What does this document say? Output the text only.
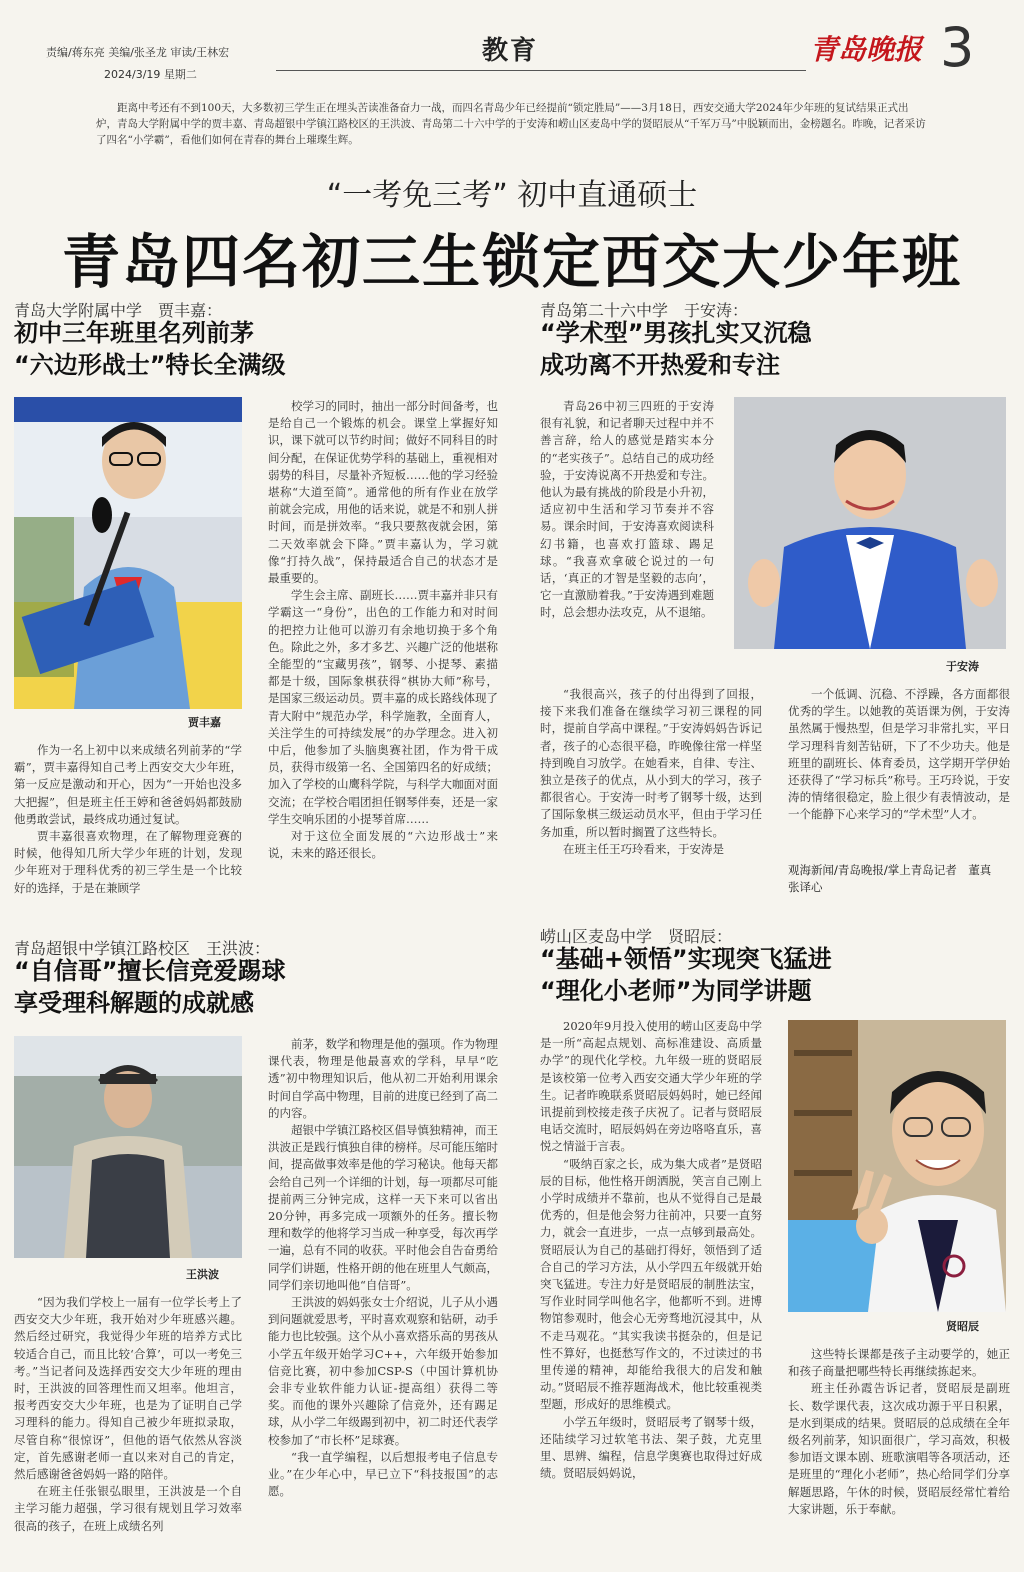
责编/蒋东亮 美编/张圣龙 审读/王林宏
2024/3/19 星期二
教育	青岛晚报 3
距离中考还有不到100天，大多数初三学生正在埋头苦读准备奋力一战，而四名青岛少年已经提前“锁定胜局”——3月18日，西安交通大学2024年少年班的复试结果正式出炉，青岛大学附属中学的贾丰嘉、青岛超银中学镇江路校区的王洪波、青岛第二十六中学的于安涛和崂山区麦岛中学的贤昭辰从“千军万马”中脱颖而出，金榜题名。昨晚，记者采访了四名“小学霸”，看他们如何在青春的舞台上璀璨生辉。
“一考免三考” 初中直通硕士
青岛四名初三生锁定西交大少年班
青岛大学附属中学　贾丰嘉：
初中三年班里名列前茅
“六边形战士”特长全满级
贾丰嘉

作为一名上初中以来成绩名列前茅的“学霸”，贾丰嘉得知自己考上西安交大少年班，第一反应是激动和开心，因为“一开始也没多大把握”，但是班主任王婷和爸爸妈妈都鼓励他勇敢尝试，最终成功通过复试。

贾丰嘉很喜欢物理，在了解物理竞赛的时候，他得知几所大学少年班的计划，发现少年班对于理科优秀的初三学生是一个比较好的选择，于是在兼顾学

校学习的同时，抽出一部分时间备考，也是给自己一个锻炼的机会。课堂上掌握好知识，课下就可以节约时间；做好不同科目的时间分配，在保证优势学科的基础上，重视相对弱势的科目，尽量补齐短板……他的学习经验堪称“大道至简”。通常他的所有作业在放学前就会完成，用他的话来说，就是不和别人拼时间，而是拼效率。“我只要熬夜就会困，第二天效率就会下降。”贾丰嘉认为，学习就像“打持久战”，保持最适合自己的状态才是最重要的。

学生会主席、副班长……贾丰嘉并非只有学霸这一“身份”，出色的工作能力和对时间的把控力让他可以游刃有余地切换于多个角色。除此之外，多才多艺、兴趣广泛的他堪称全能型的“宝藏男孩”，钢琴、小提琴、素描都是十级，国际象棋获得“棋协大师”称号，是国家三级运动员。贾丰嘉的成长路线体现了青大附中“规范办学，科学施教，全面育人，关注学生的可持续发展”的办学理念。进入初中后，他参加了头脑奥赛社团，作为骨干成员，获得市级第一名、全国第四名的好成绩；加入了学校的山鹰科学院，与科学大咖面对面交流；在学校合唱团担任钢琴伴奏，还是一家学生交响乐团的小提琴首席……

对于这位全面发展的“六边形战士”来说，未来的路还很长。

青岛第二十六中学　于安涛：
“学术型”男孩扎实又沉稳
成功离不开热爱和专注

青岛26中初三四班的于安涛很有礼貌，和记者聊天过程中并不善言辞，给人的感觉是踏实本分的“老实孩子”。总结自己的成功经验，于安涛说离不开热爱和专注。他认为最有挑战的阶段是小升初，适应初中生活和学习节奏并不容易。课余时间，于安涛喜欢阅读科幻书籍，也喜欢打篮球、踢足球。“我喜欢拿破仑说过的一句话，‘真正的才智是坚毅的志向’，它一直激励着我。”于安涛遇到难题时，总会想办法攻克，从不退缩。

于安涛

“我很高兴，孩子的付出得到了回报，接下来我们准备在继续学习初三课程的同时，提前自学高中课程。”于安涛妈妈告诉记者，孩子的心态很平稳，昨晚像往常一样坚持到晚自习放学。在她看来，自律、专注、独立是孩子的优点，从小到大的学习，孩子都很省心。于安涛一时考了钢琴十级，达到了国际象棋三级运动员水平，但由于学习任务加重，所以暂时搁置了这些特长。

在班主任王巧玲看来，于安涛是

一个低调、沉稳、不浮躁，各方面都很优秀的学生。以她教的英语课为例，于安涛虽然属于慢热型，但是学习非常扎实，平日学习理科肯刻苦钻研，下了不少功夫。他是班里的副班长、体育委员，这学期开学伊始还获得了“学习标兵”称号。王巧玲说，于安涛的情绪很稳定，脸上很少有表情波动，是一个能静下心来学习的“学术型”人才。

观海新闻/青岛晚报/掌上青岛记者　董真　张译心
青岛超银中学镇江路校区　王洪波：
“自信哥”擅长信竞爱踢球
享受理科解题的成就感
王洪波

“因为我们学校上一届有一位学长考上了西安交大少年班，我开始对少年班感兴趣。然后经过研究，我觉得少年班的培养方式比较适合自己，而且比较‘合算’，可以一考免三考。”当记者问及选择西安交大少年班的理由时，王洪波的回答理性而又坦率。他坦言，报考西安交大少年班，也是为了证明自己学习理科的能力。得知自己被少年班拟录取，尽管自称“很惊讶”，但他的语气依然从容淡定，首先感谢老师一直以来对自己的肯定，然后感谢爸爸妈妈一路的陪伴。

在班主任张银弘眼里，王洪波是一个自主学习能力超强，学习很有规划且学习效率很高的孩子，在班上成绩名列

前茅，数学和物理是他的强项。作为物理课代表，物理是他最喜欢的学科，早早“吃透”初中物理知识后，他从初二开始利用课余时间自学高中物理，目前的进度已经到了高二的内容。

超银中学镇江路校区倡导慎独精神，而王洪波正是践行慎独自律的榜样。尽可能压缩时间，提高做事效率是他的学习秘诀。他每天都会给自己列一个详细的计划，每一项都尽可能提前两三分钟完成，这样一天下来可以省出20分钟，再多完成一项额外的任务。擅长物理和数学的他将学习当成一种享受，每次再学一遍，总有不同的收获。平时他会自告奋勇给同学们讲题，性格开朗的他在班里人气颇高，同学们亲切地叫他“自信哥”。

王洪波的妈妈张女士介绍说，儿子从小遇到问题就爱思考，平时喜欢观察和钻研，动手能力也比较强。这个从小喜欢搭乐高的男孩从小学五年级开始学习C++，六年级开始参加信竞比赛，初中参加CSP-S（中国计算机协会非专业软件能力认证-提高组）获得二等奖。而他的课外兴趣除了信竞外，还有踢足球，从小学二年级踢到初中，初二时还代表学校参加了“市长杯”足球赛。

“我一直学编程，以后想报考电子信息专业。”在少年心中，早已立下“科技报国”的志愿。

崂山区麦岛中学　贤昭辰：
“基础+领悟”实现突飞猛进
“理化小老师”为同学讲题

2020年9月投入使用的崂山区麦岛中学是一所“高起点规划、高标准建设、高质量办学”的现代化学校。九年级一班的贤昭辰是该校第一位考入西安交通大学少年班的学生。记者昨晚联系贤昭辰妈妈时，她已经闻讯提前到校接走孩子庆祝了。记者与贤昭辰电话交流时，昭辰妈妈在旁边咯咯直乐，喜悦之情溢于言表。

“吸纳百家之长，成为集大成者”是贤昭辰的目标，他性格开朗洒脱，笑言自己刚上小学时成绩并不靠前，也从不觉得自己是最优秀的，但是他会努力往前冲，只要一直努力，就会一直进步，一点一点够到最高处。贤昭辰认为自己的基础打得好，领悟到了适合自己的学习方法，从小学四五年级就开始突飞猛进。专注力好是贤昭辰的制胜法宝，写作业时同学叫他名字，他都听不到。进博物馆参观时，他会心无旁骛地沉浸其中，从不走马观花。“其实我读书挺杂的，但是记性不算好，也挺愁写作文的，不过读过的书里传递的精神，却能给我很大的启发和触动。”贤昭辰不推荐题海战术，他比较重视类型题，形成好的思维模式。

小学五年级时，贤昭辰考了钢琴十级，还陆续学习过软笔书法、架子鼓，尤克里里、思辨、编程，信息学奥赛也取得过好成绩。贤昭辰妈妈说，

贤昭辰

这些特长课都是孩子主动要学的，她正和孩子商量把哪些特长再继续拣起来。

班主任孙霞告诉记者，贤昭辰是副班长、数学课代表，这次成功源于平日积累，是水到渠成的结果。贤昭辰的总成绩在全年级名列前茅，知识面很广，学习高效，积极参加语文课本剧、班歌演唱等各项活动，还是班里的“理化小老师”，热心给同学们分享解题思路，午休的时候，贤昭辰经常忙着给大家讲题，乐于奉献。
